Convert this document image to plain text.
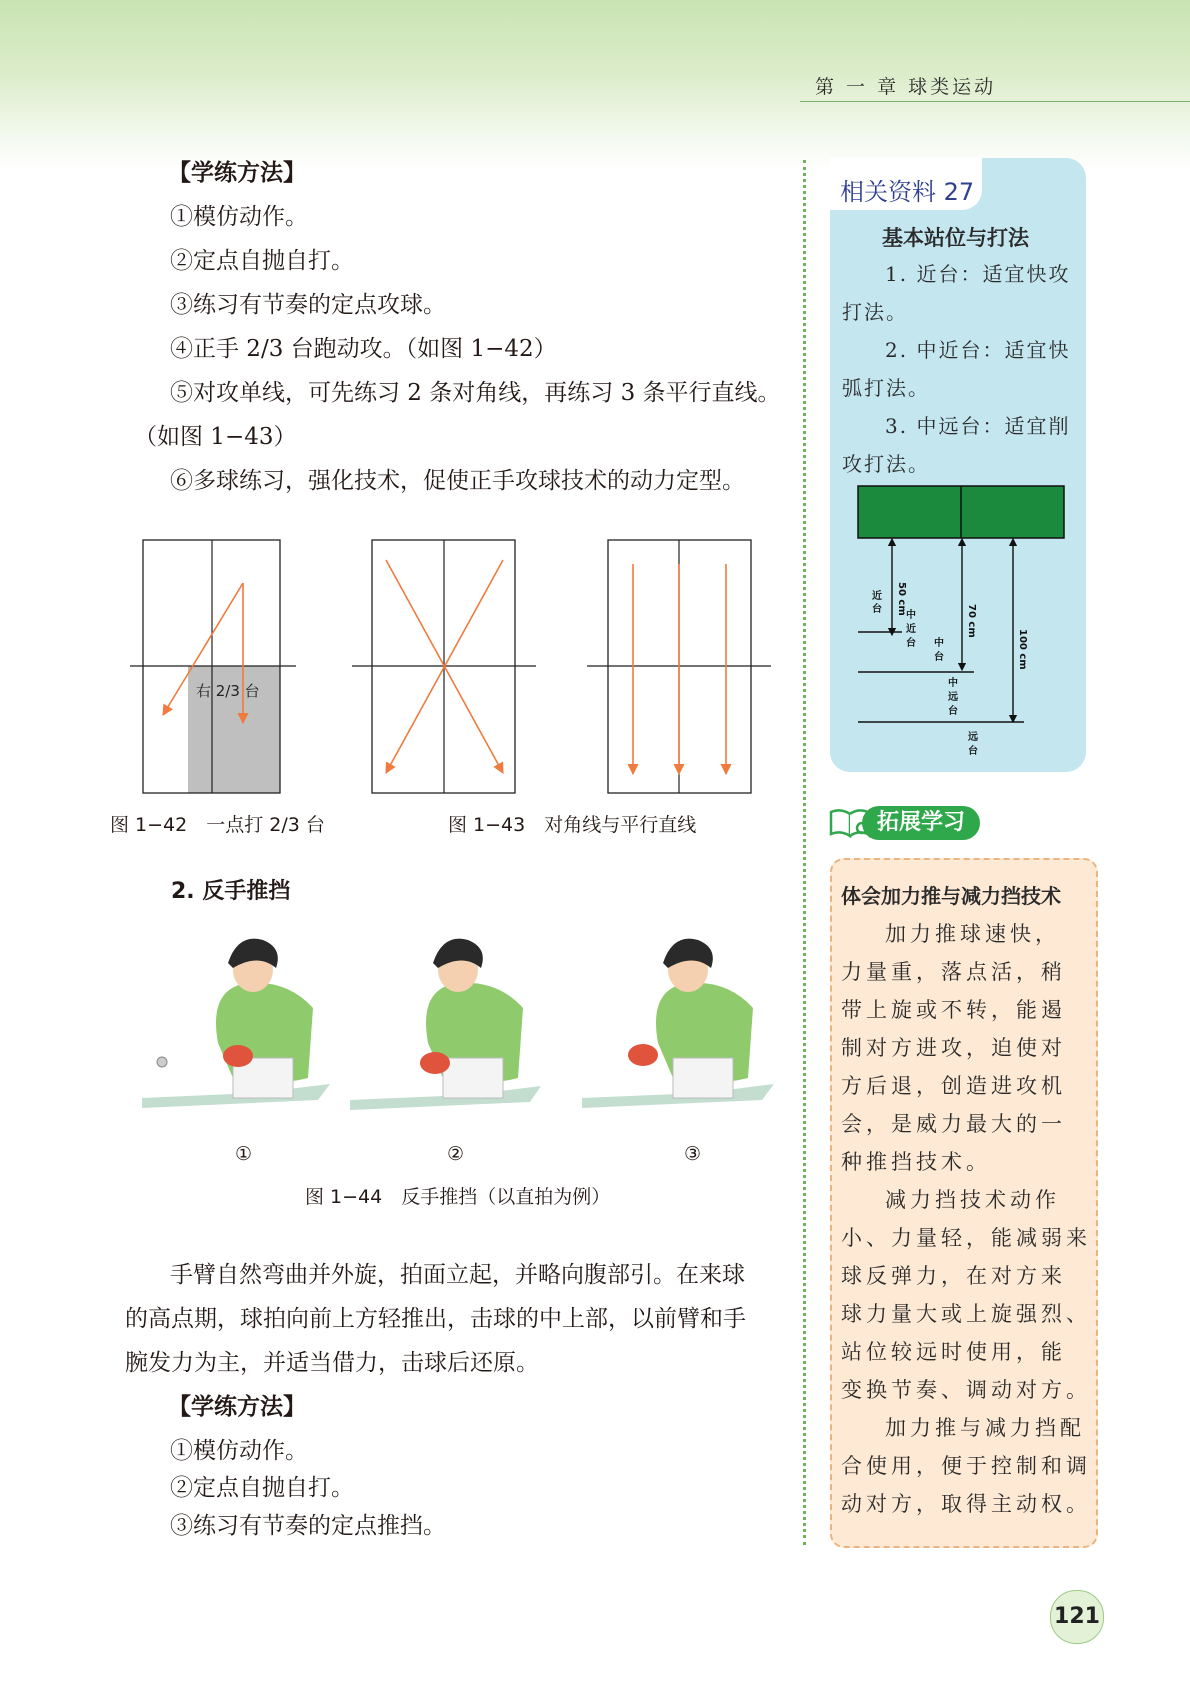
第 一 章 球类运动
【学练方法】
①模仿动作。
②定点自抛自打。
③练习有节奏的定点攻球。
④正手 2/3 台跑动攻。（如图 1−42）
⑤对攻单线，可先练习 2 条对角线，再练习 3 条平行直线。
（如图 1−43）
⑥多球练习，强化技术，促使正手攻球技术的动力定型。
右 2/3 台
图 1−42　一点打 2/3 台	图 1−43　对角线与平行直线
2. 反手推挡
①	②	③
图 1−44　反手推挡（以直拍为例）
手臂自然弯曲并外旋，拍面立起，并略向腹部引。在来球
的高点期，球拍向前上方轻推出，击球的中上部，以前臂和手
腕发力为主，并适当借力，击球后还原。
【学练方法】
①模仿动作。
②定点自抛自打。
③练习有节奏的定点推挡。
相关资料 27
基本站位与打法
1. 近台：适宜快攻
打法。
2. 中近台：适宜快
弧打法。
3. 中远台：适宜削
攻打法。
50 cm
70 cm
100 cm
近台
中近台 中台
中远台
远台
拓展学习
体会加力推与减力挡技术
加力推球速快，
力量重，落点活，稍
带上旋或不转，能遏
制对方进攻，迫使对
方后退，创造进攻机
会，是威力最大的一
种推挡技术。
减力挡技术动作
小、力量轻，能减弱来
球反弹力，在对方来
球力量大或上旋强烈、
站位较远时使用，能
变换节奏、调动对方。
加力推与减力挡配
合使用，便于控制和调
动对方，取得主动权。
121
